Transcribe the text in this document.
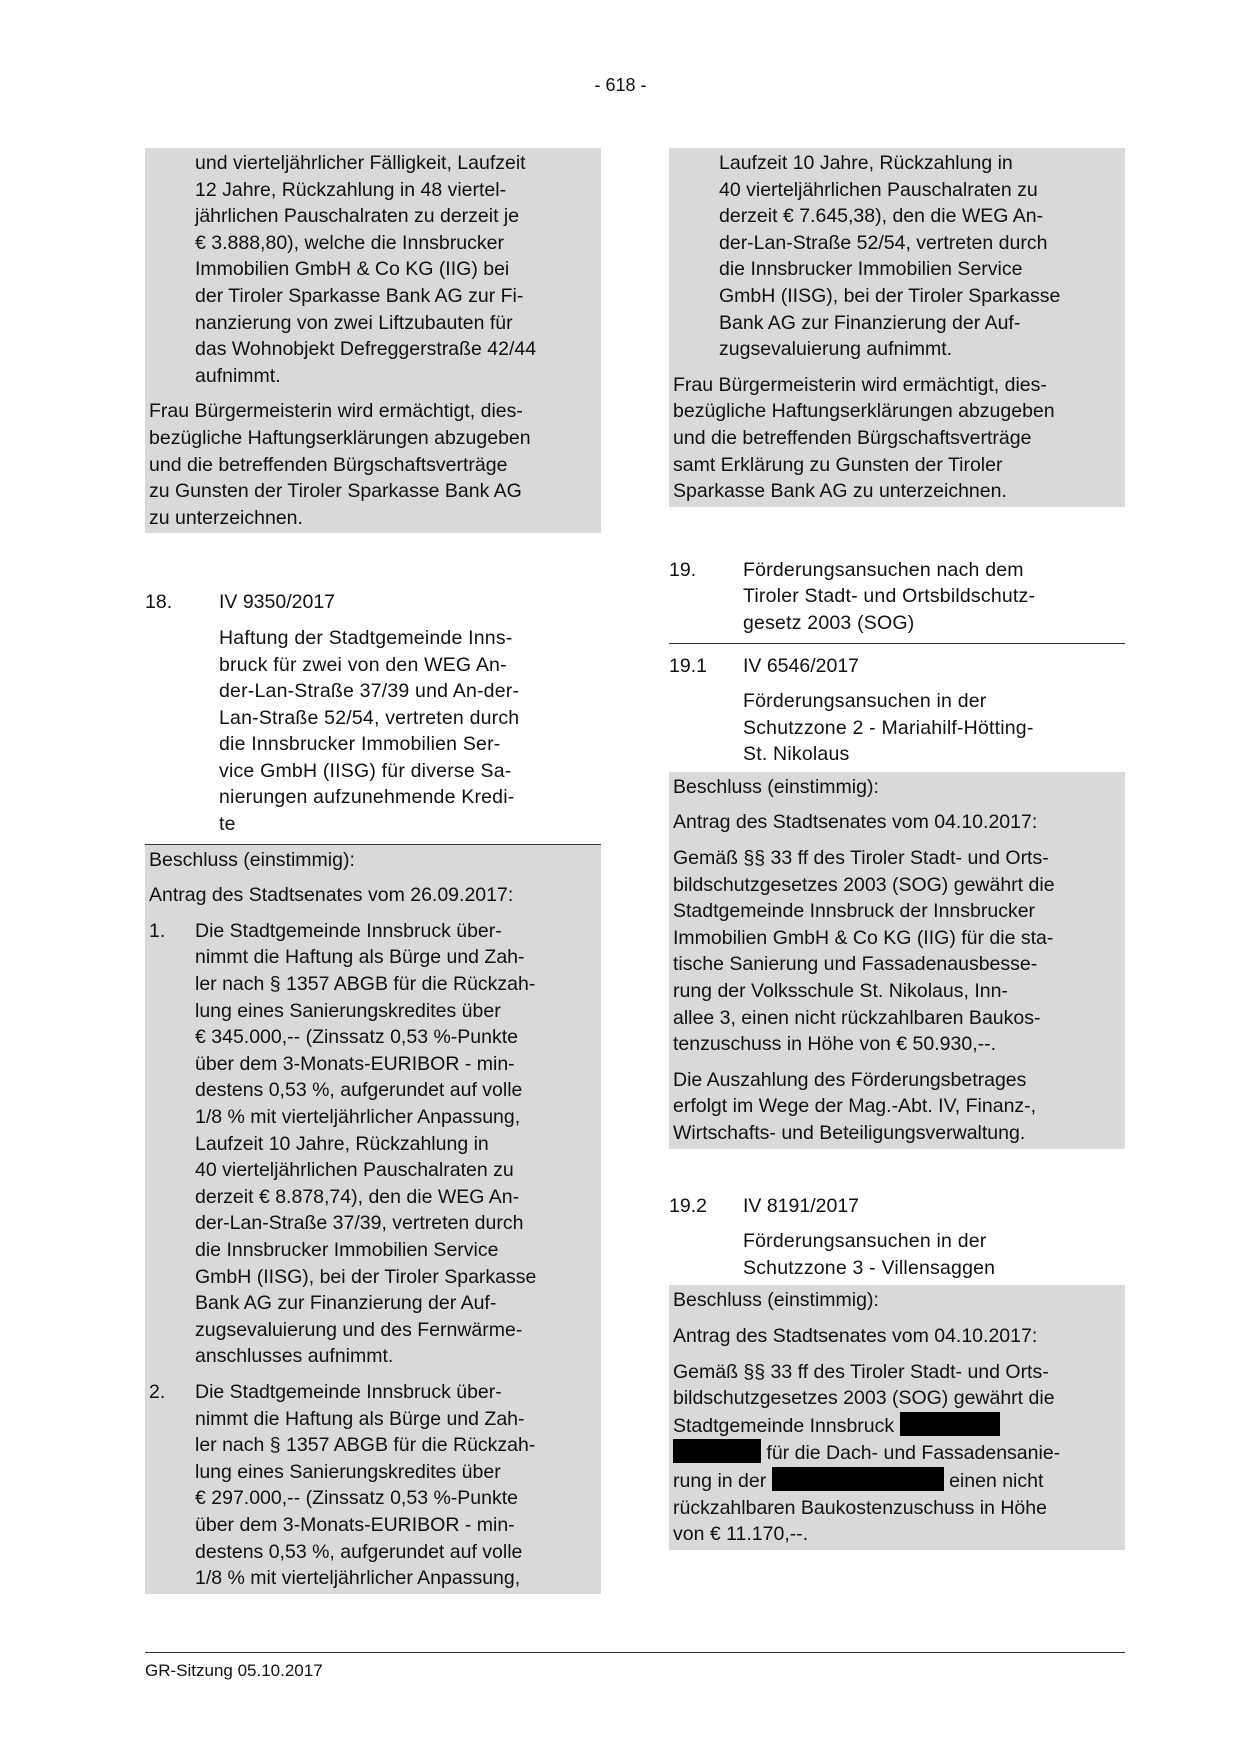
- 618 -
und vierteljährlicher Fälligkeit, Laufzeit
12 Jahre, Rückzahlung in 48 viertel-
jährlichen Pauschalraten zu derzeit je
€ 3.888,80), welche die Innsbrucker
Immobilien GmbH & Co KG (IIG) bei
der Tiroler Sparkasse Bank AG zur Fi-
nanzierung von zwei Liftzubauten für
das Wohnobjekt Defreggerstraße 42/44
aufnimmt.
Frau Bürgermeisterin wird ermächtigt, dies-
bezügliche Haftungserklärungen abzugeben
und die betreffenden Bürgschaftsverträge
zu Gunsten der Tiroler Sparkasse Bank AG
zu unterzeichnen.
18.	IV 9350/2017
Haftung der Stadtgemeinde Inns-
bruck für zwei von den WEG An-
der-Lan-Straße 37/39 und An-der-
Lan-Straße 52/54, vertreten durch
die Innsbrucker Immobilien Ser-
vice GmbH (IISG) für diverse Sa-
nierungen aufzunehmende Kredi-
te

Beschluss (einstimmig):

Antrag des Stadtsenates vom 26.09.2017:

1.	Die Stadtgemeinde Innsbruck über-
nimmt die Haftung als Bürge und Zah-
ler nach § 1357 ABGB für die Rückzah-
lung eines Sanierungskredites über
€ 345.000,-- (Zinssatz 0,53 %-Punkte
über dem 3-Monats-EURIBOR - min-
destens 0,53 %, aufgerundet auf volle
1/8 % mit vierteljährlicher Anpassung,
Laufzeit 10 Jahre, Rückzahlung in
40 vierteljährlichen Pauschalraten zu
derzeit € 8.878,74), den die WEG An-
der-Lan-Straße 37/39, vertreten durch
die Innsbrucker Immobilien Service
GmbH (IISG), bei der Tiroler Sparkasse
Bank AG zur Finanzierung der Auf-
zugsevaluierung und des Fernwärme-
anschlusses aufnimmt.
2.	Die Stadtgemeinde Innsbruck über-
nimmt die Haftung als Bürge und Zah-
ler nach § 1357 ABGB für die Rückzah-
lung eines Sanierungskredites über
€ 297.000,-- (Zinssatz 0,53 %-Punkte
über dem 3-Monats-EURIBOR - min-
destens 0,53 %, aufgerundet auf volle
1/8 % mit vierteljährlicher Anpassung,
Laufzeit 10 Jahre, Rückzahlung in
40 vierteljährlichen Pauschalraten zu
derzeit € 7.645,38), den die WEG An-
der-Lan-Straße 52/54, vertreten durch
die Innsbrucker Immobilien Service
GmbH (IISG), bei der Tiroler Sparkasse
Bank AG zur Finanzierung der Auf-
zugsevaluierung aufnimmt.
Frau Bürgermeisterin wird ermächtigt, dies-
bezügliche Haftungserklärungen abzugeben
und die betreffenden Bürgschaftsverträge
samt Erklärung zu Gunsten der Tiroler
Sparkasse Bank AG zu unterzeichnen.
19.	Förderungsansuchen nach dem
Tiroler Stadt- und Ortsbildschutz-
gesetz 2003 (SOG)
19.1	IV 6546/2017
Förderungsansuchen in der
Schutzzone 2 - Mariahilf-Hötting-
St. Nikolaus

Beschluss (einstimmig):

Antrag des Stadtsenates vom 04.10.2017:

Gemäß §§ 33 ff des Tiroler Stadt- und Orts-
bildschutzgesetzes 2003 (SOG) gewährt die
Stadtgemeinde Innsbruck der Innsbrucker
Immobilien GmbH & Co KG (IIG) für die sta-
tische Sanierung und Fassadenausbesse-
rung der Volksschule St. Nikolaus, Inn-
allee 3, einen nicht rückzahlbaren Baukos-
tenzuschuss in Höhe von € 50.930,--.
Die Auszahlung des Förderungsbetrages
erfolgt im Wege der Mag.-Abt. IV, Finanz-,
Wirtschafts- und Beteiligungsverwaltung.
19.2	IV 8191/2017
Förderungsansuchen in der
Schutzzone 3 - Villensaggen

Beschluss (einstimmig):

Antrag des Stadtsenates vom 04.10.2017:

Gemäß §§ 33 ff des Tiroler Stadt- und Orts-
bildschutzgesetzes 2003 (SOG) gewährt die
Stadtgemeinde Innsbruck
für die Dach- und Fassadensanie-
rung in der	einen nicht
rückzahlbaren Baukostenzuschuss in Höhe
von € 11.170,--.
GR-Sitzung 05.10.2017
